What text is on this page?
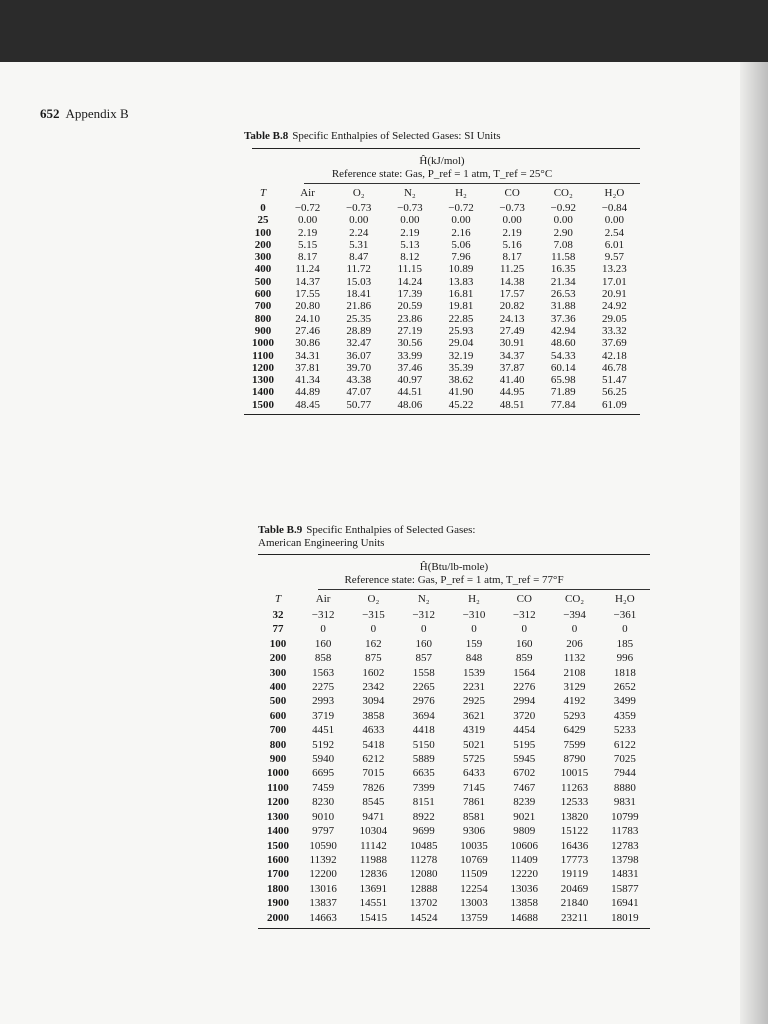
652 Appendix B
Table B.8 Specific Enthalpies of Selected Gases: SI Units
Ĥ(kJ/mol)
Reference state: Gas, P_ref = 1 atm, T_ref = 25°C
T	Air	O₂	N₂	H₂	CO	CO₂	H₂O
0	−0.72	−0.73	−0.73	−0.72	−0.73	−0.92	−0.84
25	0.00	0.00	0.00	0.00	0.00	0.00	0.00
100	2.19	2.24	2.19	2.16	2.19	2.90	2.54
200	5.15	5.31	5.13	5.06	5.16	7.08	6.01
300	8.17	8.47	8.12	7.96	8.17	11.58	9.57
400	11.24	11.72	11.15	10.89	11.25	16.35	13.23
500	14.37	15.03	14.24	13.83	14.38	21.34	17.01
600	17.55	18.41	17.39	16.81	17.57	26.53	20.91
700	20.80	21.86	20.59	19.81	20.82	31.88	24.92
800	24.10	25.35	23.86	22.85	24.13	37.36	29.05
900	27.46	28.89	27.19	25.93	27.49	42.94	33.32
1000	30.86	32.47	30.56	29.04	30.91	48.60	37.69
1100	34.31	36.07	33.99	32.19	34.37	54.33	42.18
1200	37.81	39.70	37.46	35.39	37.87	60.14	46.78
1300	41.34	43.38	40.97	38.62	41.40	65.98	51.47
1400	44.89	47.07	44.51	41.90	44.95	71.89	56.25
1500	48.45	50.77	48.06	45.22	48.51	77.84	61.09
Table B.9 Specific Enthalpies of Selected Gases:
American Engineering Units
Ĥ(Btu/lb-mole)
Reference state: Gas, P_ref = 1 atm, T_ref = 77°F
T	Air	O₂	N₂	H₂	CO	CO₂	H₂O
32	−312	−315	−312	−310	−312	−394	−361
77	0	0	0	0	0	0	0
100	160	162	160	159	160	206	185
200	858	875	857	848	859	1132	996
300	1563	1602	1558	1539	1564	2108	1818
400	2275	2342	2265	2231	2276	3129	2652
500	2993	3094	2976	2925	2994	4192	3499
600	3719	3858	3694	3621	3720	5293	4359
700	4451	4633	4418	4319	4454	6429	5233
800	5192	5418	5150	5021	5195	7599	6122
900	5940	6212	5889	5725	5945	8790	7025
1000	6695	7015	6635	6433	6702	10015	7944
1100	7459	7826	7399	7145	7467	11263	8880
1200	8230	8545	8151	7861	8239	12533	9831
1300	9010	9471	8922	8581	9021	13820	10799
1400	9797	10304	9699	9306	9809	15122	11783
1500	10590	11142	10485	10035	10606	16436	12783
1600	11392	11988	11278	10769	11409	17773	13798
1700	12200	12836	12080	11509	12220	19119	14831
1800	13016	13691	12888	12254	13036	20469	15877
1900	13837	14551	13702	13003	13858	21840	16941
2000	14663	15415	14524	13759	14688	23211	18019
